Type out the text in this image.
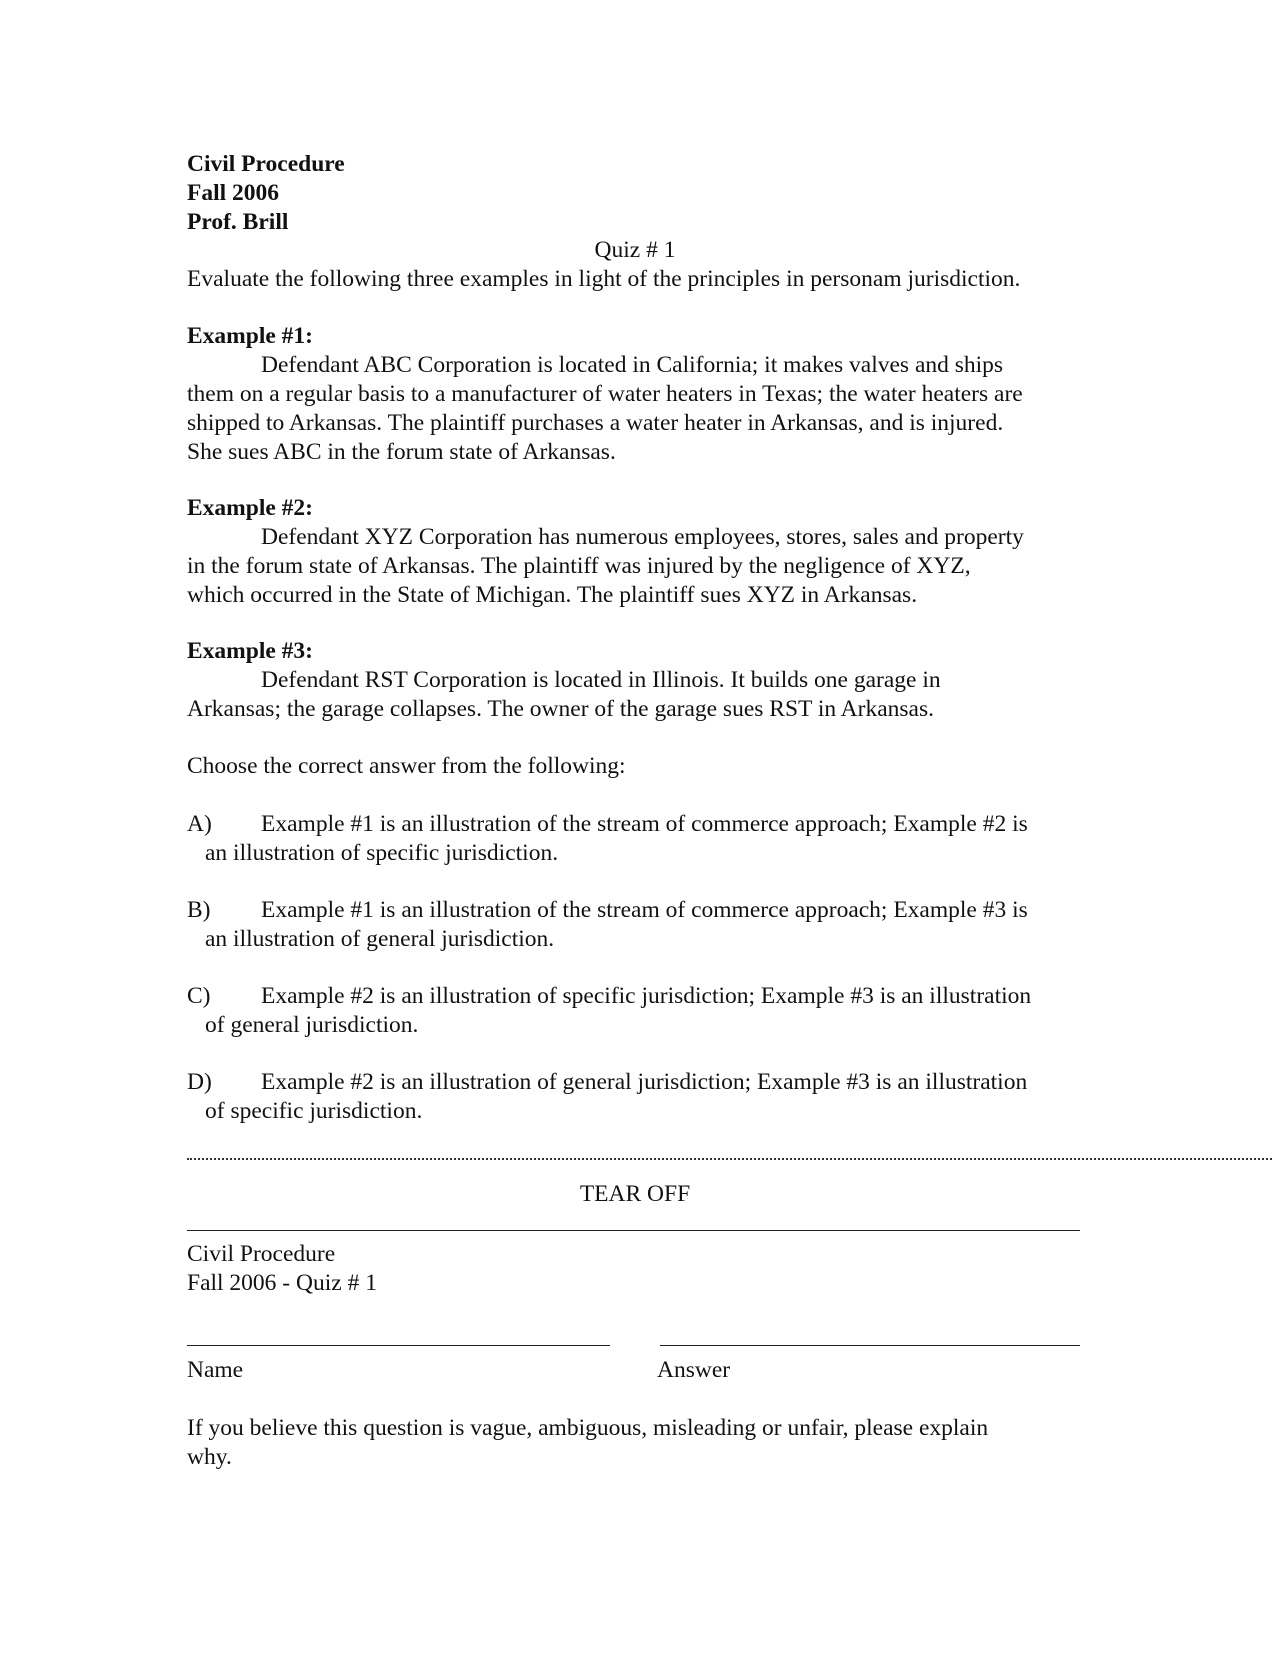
Civil Procedure
Fall 2006
Prof. Brill
Quiz # 1
Evaluate the following three examples in light of the principles in personam jurisdiction.
Example #1:
Defendant ABC Corporation is located in California; it makes valves and ships
them on a regular basis to a manufacturer of water heaters in Texas; the water heaters are
shipped to Arkansas. The plaintiff purchases a water heater in Arkansas, and is injured.
She sues ABC in the forum state of Arkansas.
Example #2:
Defendant XYZ Corporation has numerous employees, stores, sales and property
in the forum state of Arkansas. The plaintiff was injured by the negligence of XYZ,
which occurred in the State of Michigan. The plaintiff sues XYZ in Arkansas.
Example #3:
Defendant RST Corporation is located in Illinois. It builds one garage in
Arkansas; the garage collapses. The owner of the garage sues RST in Arkansas.
Choose the correct answer from the following:
A) Example #1 is an illustration of the stream of commerce approach; Example #2 is
an illustration of specific jurisdiction.
B) Example #1 is an illustration of the stream of commerce approach; Example #3 is
an illustration of general jurisdiction.
C) Example #2 is an illustration of specific jurisdiction; Example #3 is an illustration
of general jurisdiction.
D) Example #2 is an illustration of general jurisdiction; Example #3 is an illustration
of specific jurisdiction.
TEAR OFF
Civil Procedure
Fall 2006 - Quiz # 1
Name	Answer
If you believe this question is vague, ambiguous, misleading or unfair, please explain
why.
